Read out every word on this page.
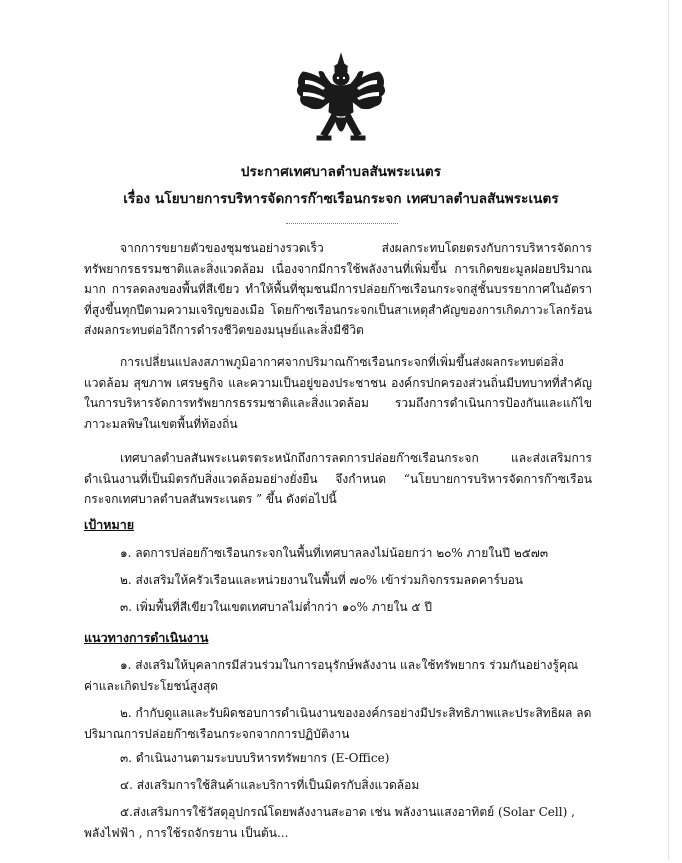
ประกาศเทศบาลตำบลสันพระเนตร
เรื่อง นโยบายการบริหารจัดการก๊าซเรือนกระจก เทศบาลตำบลสันพระเนตร

จากการขยายตัวของชุมชนอย่างรวดเร็ว ส่งผลกระทบโดยตรงกับการบริหารจัดการทรัพยากรธรรมชาติและสิ่งแวดล้อม เนื่องจากมีการใช้พลังงานที่เพิ่มขึ้น การเกิดขยะมูลฝอยปริมาณมาก การลดลงของพื้นที่สีเขียว ทำให้พื้นที่ชุมชนมีการปล่อยก๊าซเรือนกระจกสู่ชั้นบรรยากาศในอัตราที่สูงขึ้นทุกปีตามความเจริญของเมือ โดยก๊าซเรือนกระจกเป็นสาเหตุสำคัญของการเกิดภาวะโลกร้อน ส่งผลกระทบต่อวิถีการดำรงชีวิตของมนุษย์และสิ่งมีชีวิต

การเปลี่ยนแปลงสภาพภูมิอากาศจากปริมาณก๊าซเรือนกระจกที่เพิ่มขึ้นส่งผลกระทบต่อสิ่งแวดล้อม สุขภาพ เศรษฐกิจ และความเป็นอยู่ของประชาชน องค์กรปกครองส่วนถิ่นมีบทบาทที่สำคัญในการบริหารจัดการทรัพยากรธรรมชาติและสิ่งแวดล้อม รวมถึงการดำเนินการป้องกันและแก้ไขภาวะมลพิษในเขตพื้นที่ท้องถิ่น

เทศบาลตำบลสันพระเนตรตระหนักถึงการลดการปล่อยก๊าซเรือนกระจก และส่งเสริมการดำเนินงานที่เป็นมิตรกับสิ่งแวดล้อมอย่างยั่งยืน จึงกำหนด “นโยบายการบริหารจัดการก๊าซเรือนกระจกเทศบาลตำบลสันพระเนตร ” ขึ้น ดังต่อไปนี้

เป้าหมาย

๑. ลดการปล่อยก๊าซเรือนกระจกในพื้นที่เทศบาลลงไม่น้อยกว่า ๒๐% ภายในปี ๒๕๗๓

๒. ส่งเสริมให้ครัวเรือนและหน่วยงานในพื้นที่ ๗๐% เข้าร่วมกิจกรรมลดคาร์บอน

๓. เพิ่มพื้นที่สีเขียวในเขตเทศบาลไม่ต่ำกว่า ๑๐% ภายใน ๕ ปี

แนวทางการดำเนินงาน

๑. ส่งเสริมให้บุคลากรมีส่วนร่วมในการอนุรักษ์พลังงาน และใช้ทรัพยากร ร่วมกันอย่างรู้คุณค่าและเกิดประโยชน์สูงสุด

๒. กำกับดูแลและรับผิดชอบการดำเนินงานขององค์กรอย่างมีประสิทธิภาพและประสิทธิผล ลดปริมาณการปล่อยก๊าซเรือนกระจกจากการปฏิบัติงาน

๓. ดำเนินงานตามระบบบริหารทรัพยากร (E-Office)

๔. ส่งเสริมการใช้สินค้าและบริการที่เป็นมิตรกับสิ่งแวดล้อม

๕.ส่งเสริมการใช้วัสดุอุปกรณ์โดยพลังงานสะอาด เช่น พลังงานแสงอาทิตย์ (Solar Cell) , พลังไฟฟ้า , การใช้รถจักรยาน เป็นต้น...
